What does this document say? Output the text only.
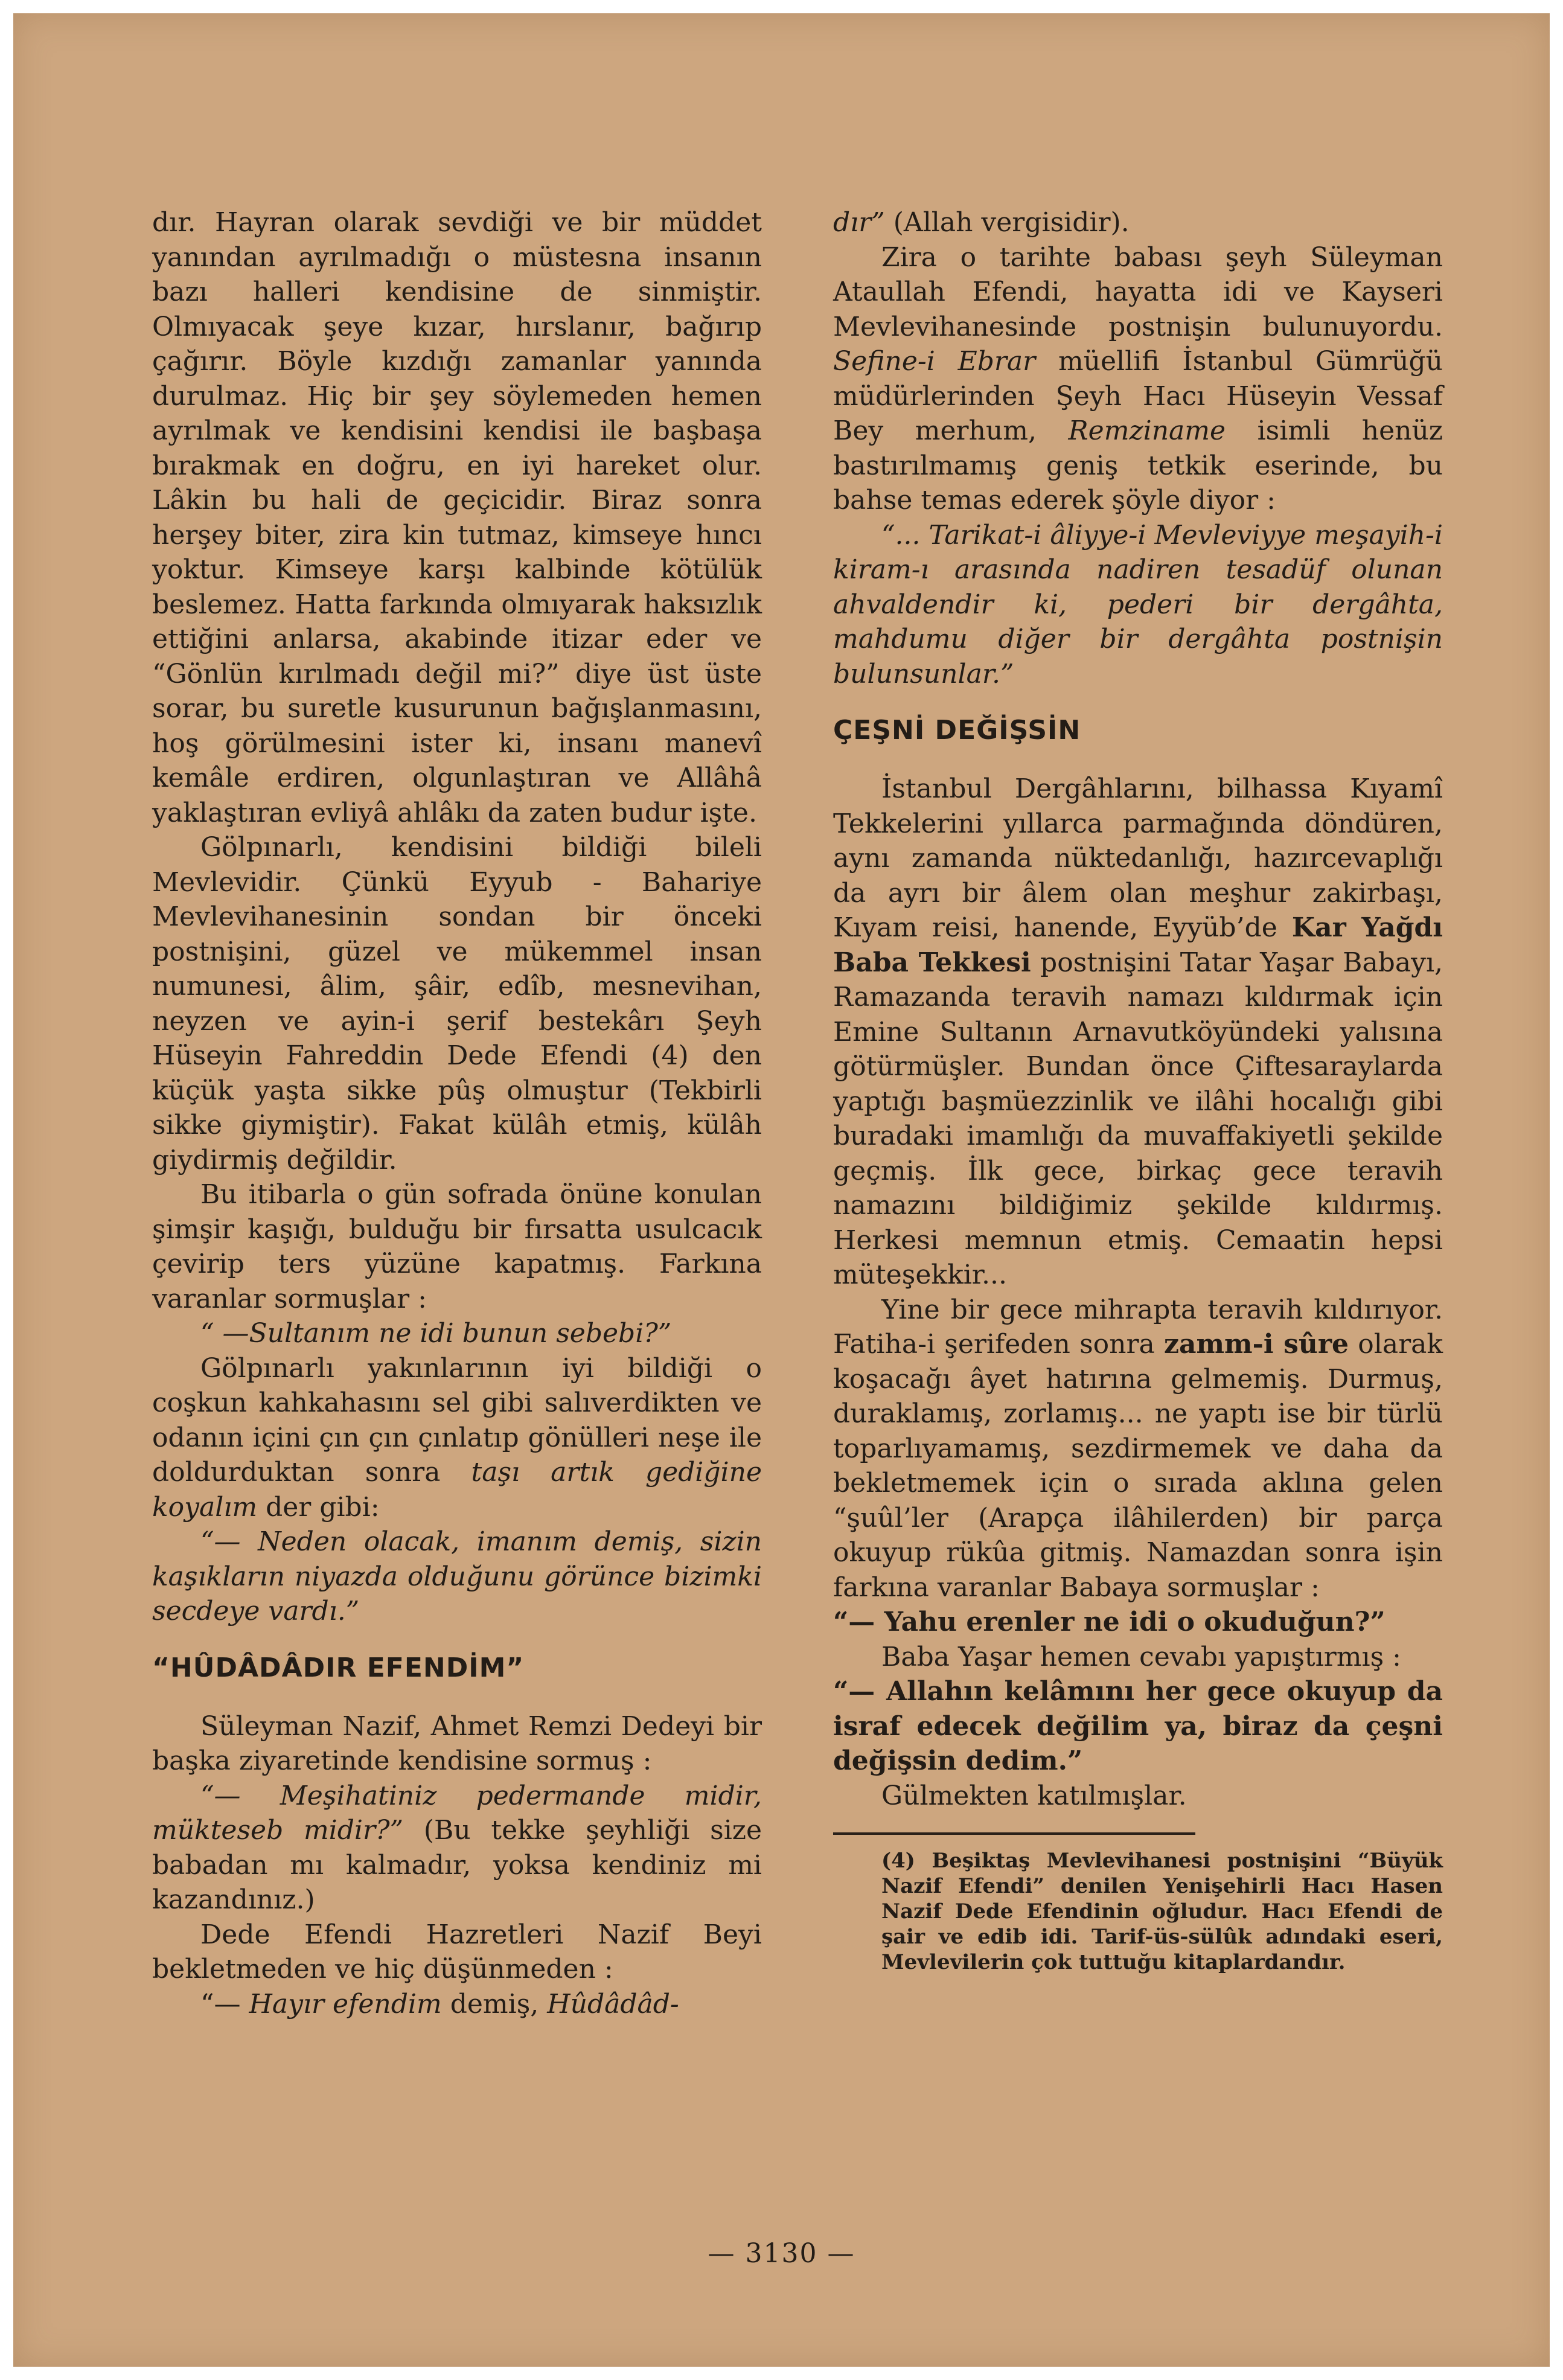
dır. Hayran olarak sevdiği ve bir müddet yanından ayrılmadığı o müstesna insanın bazı halleri kendisine de sinmiştir. Olmıyacak şeye kızar, hırslanır, bağırıp çağırır. Böyle kızdığı zamanlar yanında durulmaz. Hiç bir şey söylemeden hemen ayrılmak ve kendisini kendisi ile başbaşa bırakmak en doğru, en iyi hareket olur. Lâkin bu hali de geçicidir. Biraz sonra herşey biter, zira kin tutmaz, kimseye hıncı yoktur. Kimseye karşı kalbinde kötülük beslemez. Hatta farkında olmıyarak haksızlık ettiğini anlarsa, akabinde itizar eder ve “Gönlün kırılmadı değil mi?” diye üst üste sorar, bu suretle kusurunun bağışlanmasını, hoş görülmesini ister ki, insanı manevî kemâle erdiren, olgunlaştıran ve Allâhâ yaklaştıran evliyâ ahlâkı da zaten budur işte.

Gölpınarlı, kendisini bildiği bileli Mevlevidir. Çünkü Eyyub - Bahariye Mevlevihanesinin sondan bir önceki postnişini, güzel ve mükemmel insan numunesi, âlim, şâir, edîb, mesnevihan, neyzen ve ayin-i şerif bestekârı Şeyh Hüseyin Fahreddin Dede Efendi (4) den küçük yaşta sikke pûş olmuştur (Tekbirli sikke giymiştir). Fakat külâh etmiş, külâh giydirmiş değildir.

Bu itibarla o gün sofrada önüne konulan şimşir kaşığı, bulduğu bir fırsatta usulcacık çevirip ters yüzüne kapatmış. Farkına varanlar sormuşlar :

“ —Sultanım ne idi bunun sebebi?”

Gölpınarlı yakınlarının iyi bildiği o coşkun kahkahasını sel gibi salıverdikten ve odanın içini çın çın çınlatıp gönülleri neşe ile doldurduktan sonra taşı artık gediğine koyalım der gibi:

“— Neden olacak, imanım demiş, sizin kaşıkların niyazda olduğunu görünce bizimki secdeye vardı.”

“HÛDÂDÂDIR EFENDİM”

Süleyman Nazif, Ahmet Remzi Dedeyi bir başka ziyaretinde kendisine sormuş :

“— Meşihatiniz pedermande midir, mükteseb midir?” (Bu tekke şeyhliği size babadan mı kalmadır, yoksa kendiniz mi kazandınız.)

Dede Efendi Hazretleri Nazif Beyi bekletmeden ve hiç düşünmeden :

“— Hayır efendim demiş, Hûdâdâd-

dır” (Allah vergisidir).

Zira o tarihte babası şeyh Süleyman Ataullah Efendi, hayatta idi ve Kayseri Mevlevihanesinde postnişin bulunuyordu. Sefine-i Ebrar müellifi İstanbul Gümrüğü müdürlerinden Şeyh Hacı Hüseyin Vessaf Bey merhum, Remziname isimli henüz bastırılmamış geniş tetkik eserinde, bu bahse temas ederek şöyle diyor :

“... Tarikat-i âliyye-i Mevleviyye meşayih-i kiram-ı arasında nadiren tesadüf olunan ahvaldendir ki, pederi bir dergâhta, mahdumu diğer bir dergâhta postnişin bulunsunlar.”

ÇEŞNİ DEĞİŞSİN

İstanbul Dergâhlarını, bilhassa Kıyamî Tekkelerini yıllarca parmağında döndüren, aynı zamanda nüktedanlığı, hazırcevaplığı da ayrı bir âlem olan meşhur zakirbaşı, Kıyam reisi, hanende, Eyyüb’de Kar Yağdı Baba Tekkesi postnişini Tatar Yaşar Babayı, Ramazanda teravih namazı kıldırmak için Emine Sultanın Arnavutköyündeki yalısına götürmüşler. Bundan önce Çiftesaraylarda yaptığı başmüezzinlik ve ilâhi hocalığı gibi buradaki imamlığı da muvaffakiyetli şekilde geçmiş. İlk gece, birkaç gece teravih namazını bildiğimiz şekilde kıldırmış. Herkesi memnun etmiş. Cemaatin hepsi müteşekkir...

Yine bir gece mihrapta teravih kıldırıyor. Fatiha-i şerifeden sonra zamm-i sûre olarak koşacağı âyet hatırına gelmemiş. Durmuş, duraklamış, zorlamış... ne yaptı ise bir türlü toparlıyamamış, sezdirmemek ve daha da bekletmemek için o sırada aklına gelen “şuûl’ler (Arapça ilâhilerden) bir parça okuyup rükûa gitmiş. Namazdan sonra işin farkına varanlar Babaya sormuşlar :

“— Yahu erenler ne idi o okuduğun?”

Baba Yaşar hemen cevabı yapıştırmış :

“— Allahın kelâmını her gece okuyup da israf edecek değilim ya, biraz da çeşni değişsin dedim.”

Gülmekten katılmışlar.

(4) Beşiktaş Mevlevihanesi postnişini “Büyük Nazif Efendi” denilen Yenişehirli Hacı Hasen Nazif Dede Efendinin oğludur. Hacı Efendi de şair ve edib idi. Tarif-üs-sülûk adındaki eseri, Mevlevilerin çok tuttuğu kitaplardandır.

— 3130 —
